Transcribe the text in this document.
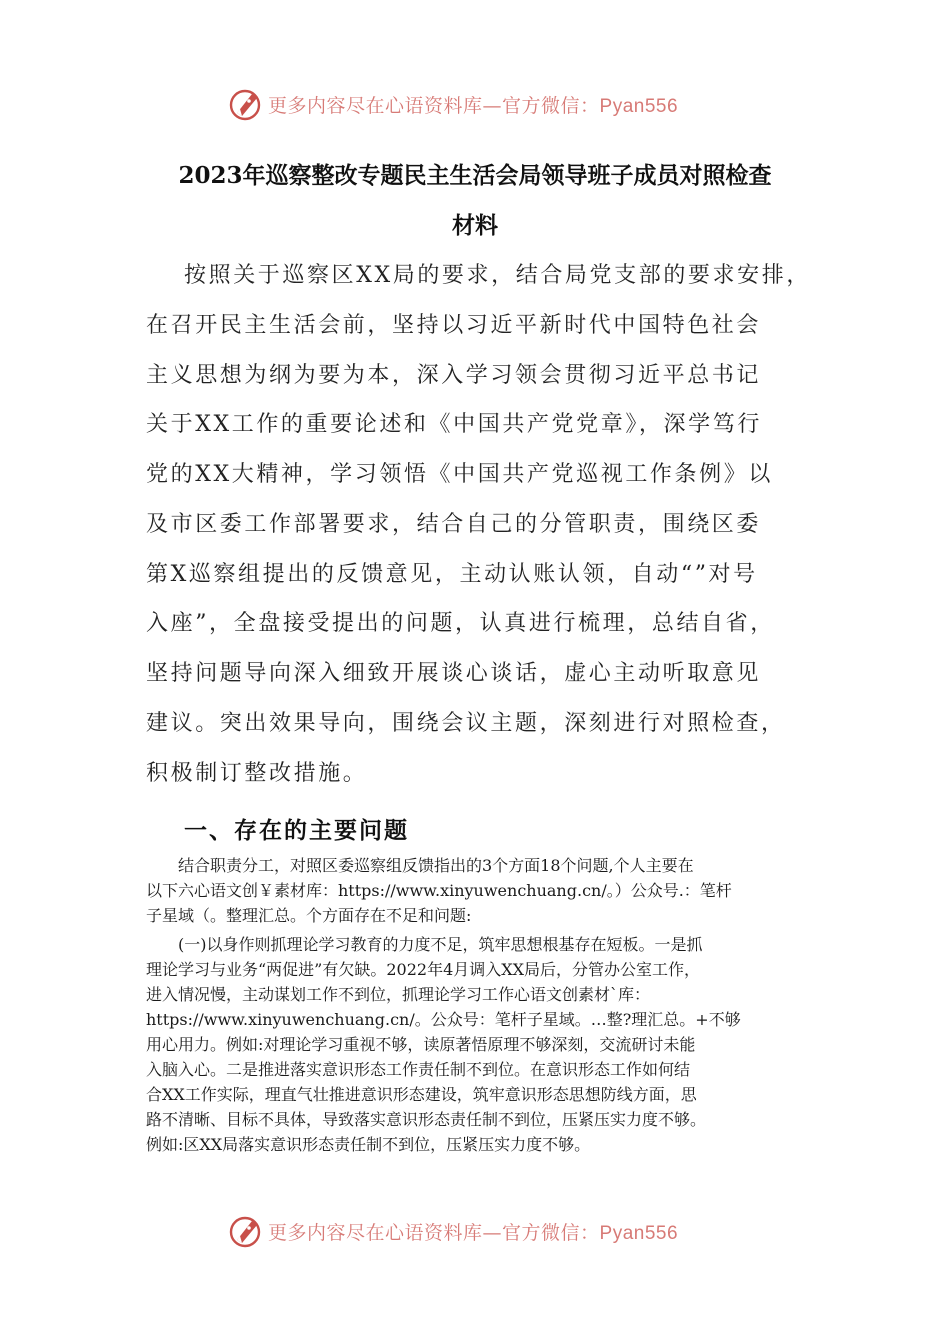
更多内容尽在心语资料库—官方微信：Pyan556
2023年巡察整改专题民主生活会局领导班子成员对照检查
材料
按照关于巡察区XX局的要求，结合局党支部的要求安排，
在召开民主生活会前，坚持以习近平新时代中国特色社会
主义思想为纲为要为本，深入学习领会贯彻习近平总书记
关于XX工作的重要论述和《中国共产党党章》，深学笃行
党的XX大精神，学习领悟《中国共产党巡视工作条例》以
及市区委工作部署要求，结合自己的分管职责，围绕区委
第X巡察组提出的反馈意见，主动认账认领，自动“”对号
入座”，全盘接受提出的问题，认真进行梳理，总结自省，
坚持问题导向深入细致开展谈心谈话，虚心主动听取意见
建议。突出效果导向，围绕会议主题，深刻进行对照检查，
积极制订整改措施。
一、存在的主要问题
　　结合职责分工，对照区委巡察组反馈指出的3个方面18个问题,个人主要在
以下六心语文创￥素材库：https://www.xinyuwenchuang.cn/。）公众号.：笔杆
子星域（。整理汇总。个方面存在不足和问题:
　　(一)以身作则抓理论学习教育的力度不足，筑牢思想根基存在短板。一是抓
理论学习与业务“两促进”有欠缺。2022年4月调入XX局后，分管办公室工作，
进入情况慢，主动谋划工作不到位，抓理论学习工作心语文创素材`库：
https://www.xinyuwenchuang.cn/。公众号：笔杆子星域。…整?理汇总。+不够
用心用力。例如:对理论学习重视不够，读原著悟原理不够深刻，交流研讨未能
入脑入心。二是推进落实意识形态工作责任制不到位。在意识形态工作如何结
合XX工作实际，理直气壮推进意识形态建设，筑牢意识形态思想防线方面，思
路不清晰、目标不具体，导致落实意识形态责任制不到位，压紧压实力度不够。
例如:区XX局落实意识形态责任制不到位，压紧压实力度不够。
更多内容尽在心语资料库—官方微信：Pyan556
